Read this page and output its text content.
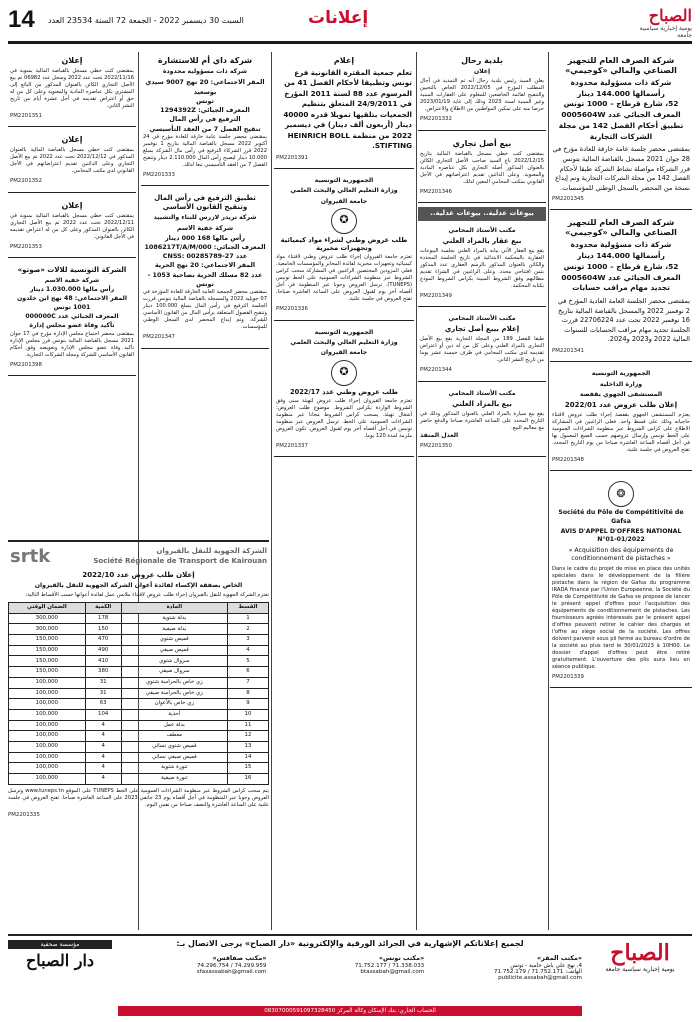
14 السبت 30 ديسمبر 2022 - الجمعة 72 السنة 23534 العدد	إعلانات	الصباح
يومية إخبارية سياسية جامعة
شركة الصرف العام للتجهيز الصناعي والمالي «كوجيمي»
شركة ذات مسؤولية محدودة
رأسمالها 144.000 دينار
52، شارع قرطاج – 1000 تونس
المعرف الجبائي عدد 0005604W
تطبيق أحكام الفصل 142 من مجلة الشركات التجارية
بمقتضى محضر جلسة عامة خارقة للعادة مؤرخ في 28 جوان 2021 مسجل بالقباضة المالية بتونس قرر الشركاء مواصلة نشاط الشركة طبقا لأحكام الفصل 142 من مجلة الشركات التجارية وتم إيداع نسخة من المحضر بالسجل الوطني للمؤسسات.
PM2201345
شركة الصرف العام للتجهيز الصناعي والمالي «كوجيمي»
شركة ذات مسؤولية محدودة
رأسمالها 144.000 دينار
52، شارع قرطاج – 1000 تونس
المعرف الجبائي عدد 0005604W
تجديد مهام مراقب حسابات
بمقتضى محضر الجلسة العامة العادية المؤرخ في 2 نوفمبر 2022 والمسجل بالقباضة المالية بتاريخ 16 نوفمبر 2022 تحت عدد 22706224 قررت الجلسة تجديد مهام مراقب الحسابات للسنوات المالية 2022 و2023 و2024.
PM2201341
الجمهورية التونسية
وزارة الداخلية
المستشفى الجهوي بقفصة
إعلان طلب عروض عدد 2022/01
يعتزم المستشفى الجهوي بقفصة إجراء طلب عروض لاقتناء حاجياته وذلك على قسط واحد. فعلى الراغبين في المشاركة الاطلاع على كراس الشروط عبر منظومة الشراءات العمومية على الخط تونبس وإرسال عروضهم حسب الصيغ المعمول بها في أجل أقصاه الساعة العاشرة صباحا من يوم التاريخ المحدد. تفتح العروض في جلسة علنية.
PM2201348
❂
Société du Pôle de Compétitivité de Gafsa
AVIS D'APPEL D'OFFRES NATIONAL N°01-01/2022
« Acquisition des équipements de conditionnement de pistaches »
Dans le cadre du projet de mise en place des unités spéciales dans le développement de la filière pistache dans la région de Gafsa du programme IRADA financé par l'Union Européenne, la Société du Pôle de Compétitivité de Gafsa se propose de lancer le présent appel d'offres pour l'acquisition des équipements de conditionnement de pistaches. Les fournisseurs agréés intéressés par le présent appel d'offres peuvent retirer le cahier des charges et l'offre au siège social de la société. Les offres doivent parvenir sous pli fermé au bureau d'ordre de la société au plus tard le 30/01/2023 à 10H00. Le dossier d'appel d'offres peut être retiré gratuitement. L'ouverture des plis aura lieu en séance publique.
PM2201339
بلدية رحال
إعلان
يعلن السيد رئيس بلدية رحال أنه تم التمديد في آجال المطلب المؤرخ في 2022/12/05 الخاص بالتحيين والتنقيح لقائمة الخاضعين للمعلوم على العقارات المبنية وغير المبنية لسنة 2023 وذلك إلى غاية 2023/01/19 حرصا منه على تمكين المواطنين من الاطلاع والاعتراض.
PM2201332
بيع أصل تجاري
بمقتضى كتب خطي مسجل بالقباضة المالية بتاريخ 2022/12/15 باع السيد صاحب الأصل التجاري الكائن بالعنوان المذكور أصله التجاري بكل عناصره المادية والمعنوية. وعلى الدائنين تقديم اعتراضاتهم في الأجل القانوني بمكتب المحامي المعين لذلك.
PM2201346
بيوعات عدلية.. بيوعات عدلية..
مكتب الأستاذ المحامي
بيع عقار بالمزاد العلني
يقع بيع العقار الآتي بيانه بالمزاد العلني بجلسة البيوعات العقارية بالمحكمة الابتدائية في تاريخ الجلسة المحددة والكائن بالعنوان المذكور بالرسم العقاري عدد المذكور بثمن افتتاحي محدد. وعلى الراغبين في الشراء تقديم مطالبهم وفق الشروط المبينة بكراس الشروط المودع بكتابة المحكمة.
PM2201349
مكتب الأستاذ المحامي
إعلام ببيع أصل تجاري
طبقا للفصل 189 من المجلة التجارية يقع بيع الأصل التجاري بالمزاد العلني وعلى كل من له دين أو اعتراض تقديمه لدى مكتب المحامي في ظرف خمسة عشر يوما من تاريخ النشر الثاني.
PM2201344
مكتب الأستاذ المحامي
بيع بالمزاد العلني
يقع بيع سيارة بالمزاد العلني بالعنوان المذكور وذلك في التاريخ المحدد على الساعة العاشرة صباحا والدفع حاضر مع معاليم البيع.
العدل المنفذ
PM2201350
إعلام
تعلم جمعية المقترة القانونية فرع تونس وتطبيقا لأحكام الفصل 41 من المرسوم عدد 88 لسنة 2011 المؤرخ في 24/9/2011 المتعلق بتنظيم الجمعيات بتلقيها تمويلا قدره 40000 دينار (أربعون ألف دينار) في ديسمبر 2022 من منظمة HEINRICH BOLL STIFTING.
PM2201391
الجمهورية التونسية
وزارة التعليم العالي والبحث العلمي
جامعة القيروان
✪
طلب عروض وطني لشراء مواد كيميائية وتجهيزات مخبرية
تعتزم جامعة القيروان إجراء طلب عروض وطني لاقتناء مواد كيميائية وتجهيزات مخبرية لفائدة المخابر والمؤسسات الجامعية. فعلى المزودين المختصين الراغبين في المشاركة سحب كراس الشروط عبر منظومة الشراءات العمومية على الخط تونبس (TUNEPS). ترسل العروض وجوبا عبر المنظومة في أجل أقصاه آخر يوم لقبول العروض على الساعة العاشرة صباحا. تفتح العروض في جلسة علنية.
PM2201336
الجمهورية التونسية
وزارة التعليم العالي والبحث العلمي
جامعة القيروان
✪
طلب عروض وطني عدد 2022/17
تعتزم جامعة القيروان إجراء طلب عروض لتهيئة مبنى وفق الشروط الواردة بكراس الشروط. موضوع طلب العروض: أشغال تهيئة. يسحب كراس الشروط مجانا عبر منظومة الشراءات العمومية على الخط. ترسل العروض عبر منظومة تونبس في أجل أقصاه آخر يوم لقبول العروض. تكون العروض ملزمة لمدة 120 يوما.
PM2201337
شركة داي أم للاستشارة
شركة ذات مسؤولية محدودة
المقر الاجتماعي: 20 نهج 9007 سيدي بوسعيد
تونس
المعرف الجبائي: 1294392Z
الترفيع في رأس المال
تنقيح الفصل 7 من العقد التأسيسي
بمقتضى محضر جلسة عامة خارقة للعادة مؤرخ في 24 أكتوبر 2022 مسجل بالقباضة المالية بتاريخ 1 نوفمبر 2022 قرر الشركاء الترفيع في رأس مال الشركة بمبلغ 10.000 دينار ليصبح رأس المال 2.110.000 دينار وتنقيح الفصل 7 من العقد التأسيسي تبعا لذلك.
PM2201333
تطبيق الترفيع في رأس المال وتنقيح القانون الأساسي
شركة تريدر لازرس للبناء والتشييد
شركة خفية الاسم
رأس مالها 168 000 دينار
المعرف الجبائي: 1086217T/A/M/000
عدد CNSS: 00285789-27
المقر الاجتماعي: 20 نهج الحرية
عدد 82 مسلك الحرية بضاحية 1053 - تونس
بمقتضى محضر الجمعية العامة الخارقة للعادة المؤرخة في 07 جويلية 2022 والمسجلة بالقباضة المالية بتونس قررت الجلسة الترفيع في رأس المال بمبلغ 100.000 دينار وتنقيح الفصول المتعلقة برأس المال من القانون الأساسي للشركة. وتم إيداع المحضر لدى السجل الوطني للمؤسسات.
PM2201347
إعلان
بمقتضى كتب خطي مسجل بالقباضة المالية بمنوبة في 2022/11/16 تحت عدد 2022 وسجل عدد 06982 تم بيع الأصل التجاري الكائن بالعنوان المذكور من البائع إلى المشتري بكل عناصره المادية والمعنوية وعلى كل من له حق أو اعتراض تقديمه في أجل عشرة أيام من تاريخ النشر الثاني.
PM2201351
إعلان
بمقتضى كتب خطي مسجل بالقباضة المالية بالعنوان المذكور في 2022/12/12 تحت عدد 2022 تم بيع الأصل التجاري وعلى الدائنين تقديم اعتراضاتهم في الأجل القانوني لدى مكتب المحامي.
PM2201352
إعلان
بمقتضى كتب خطي مسجل بالقباضة المالية بمنوبة في 2022/12/11 تحت عدد 2022 تم بيع الأصل التجاري الكائن بالعنوان المذكور وعلى كل من له اعتراض تقديمه في الأجل القانوني.
PM2201353
الشركة التونسية للالات «صوتو»
شركة خفية الاسم
رأس مالها 1.030.000 دينار
المقر الاجتماعي: 48 نهج ابن خلدون 1001 تونس
المعرف الجبائي عدد 000000C
تأكيد وفاة عضو مجلس إدارة
بمقتضى محضر اجتماع مجلس الإدارة مؤرخ في 17 جوان 2021 مسجل بالقباضة المالية بتونس قرر مجلس الإدارة تأكيد وفاة عضو مجلس الإدارة وتعويضه وفق أحكام القانون الأساسي للشركة ومجلة الشركات التجارية.
PM2201398
الشركة الجهوية للنقل بالقيروان
Société Régionale de Transport de Kairouan
srtk
إعلان طلب عروض عدد 2022/10
الخاص بصفقة الإكساء لفائدة أعوان الشركة الجهوية للنقل بالقيروان
تعتزم الشركة الجهوية للنقل بالقيروان إجراء طلب عروض لاقتناء ملابس عمل لفائدة أعوانها حسب الأقساط التالية:
القسط	المادة	الكمية	الضمان الوقتي
1	بدلة شتوية	178	300,000
2	بدلة صيفية	150	300,000
3	قميص شتوي	470	150,000
4	قميص صيفي	490	150,000
5	سروال شتوي	410	150,000
6	سروال صيفي	380	150,000
7	زي خاص بالحراسة شتوي	31	100,000
8	زي خاص بالحراسة صيفي	31	100,000
9	زي خاص بالأعوان	63	100,000
10	أحذية	104	100,000
11	بدلة عمل	4	100,000
12	معطف	4	100,000
13	قميص شتوي نسائي	4	100,000
14	قميص صيفي نسائي	4	100,000
15	تنورة شتوية	4	100,000
16	تنورة صيفية	4	100,000
يتم سحب كراس الشروط عبر منظومة الشراءات العمومية على الخط TUNEPS على الموقع www.tuneps.tn وترسل العروض وجوبا عبر المنظومة في أجل أقصاه يوم 23 جانفي 2023 على الساعة العاشرة صباحا. تفتح العروض في جلسة علنية على الساعة العاشرة والنصف صباحا من نفس اليوم.
PM2201335
مؤسسة صحفية
دار الصباح
لجميع إعلاناتكم الإشهارية في الجرائد الورقية والإلكترونية «دار الصباح» يرجى الاتصال بـ:
«مكتب المقر»
4، نهج علي باش حامبة - تونس
الهاتف: 71.752.171 / 71.752.179
publicite.assabah@gmail.com
«مكتب تونس»
71.338.033 / 71.752.177
btassabah@gmail.com
«مكتب صفاقس»
74.299.959 / 74.296.754
sfaxassabah@gmail.com
الحساب الجاري: بنك الإسكان وكالة المركز 08307000591097328450
الصباح
يومية إخبارية سياسية جامعة
